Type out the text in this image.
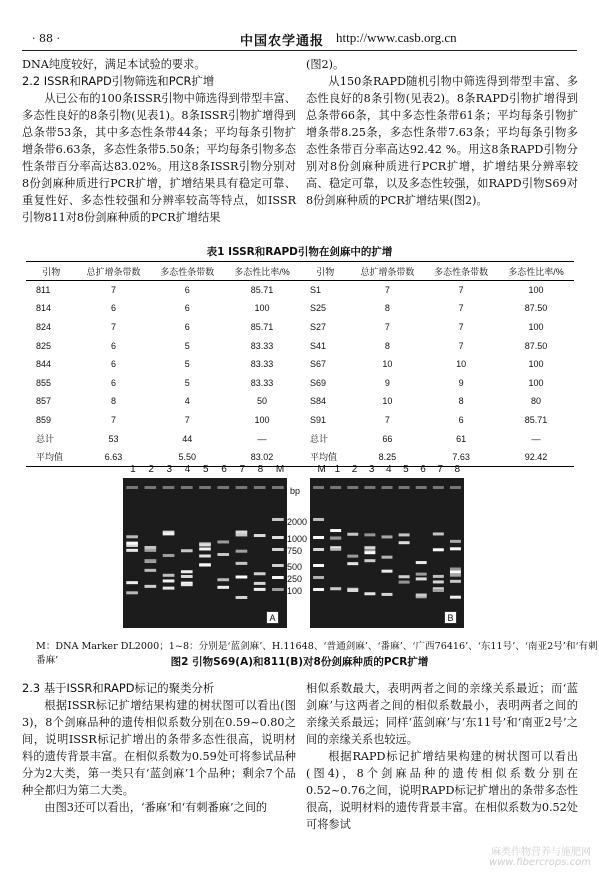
· 88 ·	中国农学通报 http://www.casb.org.cn

DNA纯度较好，满足本试验的要求。

2.2 ISSR和RAPD引物筛选和PCR扩增

从已公布的100条ISSR引物中筛选得到带型丰富、多态性良好的8条引物(见表1)。8条ISSR引物扩增得到总条带53条，其中多态性条带44条；平均每条引物扩增条带6.63条，多态性条带5.50条；平均每条引物多态性条带百分率高达83.02%。用这8条ISSR引物分别对8份剑麻种质进行PCR扩增，扩增结果具有稳定可靠、重复性好、多态性较强和分辨率较高等特点，如ISSR引物811对8份剑麻种质的PCR扩增结果

(图2)。

从150条RAPD随机引物中筛选得到带型丰富、多态性良好的8条引物(见表2)。8条RAPD引物扩增得到总条带66条，其中多态性条带61条；平均每条引物扩增条带8.25条，多态性条带7.63条；平均每条引物多态性条带百分率高达92.42 %。用这8条RAPD引物分别对8份剑麻种质进行PCR扩增，扩增结果分辨率较高、稳定可靠，以及多态性较强，如RAPD引物S69对8份剑麻种质的PCR扩增结果(图2)。

表1 ISSR和RAPD引物在剑麻中的扩增
引物	总扩增条带数	多态性条带数	多态性比率/%	引物	总扩增条带数	多态性条带数	多态性比率/%
811	7	6	85.71	S1	7	7	100
814	6	6	100	S25	8	7	87.50
824	7	6	85.71	S27	7	7	100
825	6	5	83.33	S41	8	7	87.50
844	6	5	83.33	S67	10	10	100
855	6	5	83.33	S69	9	9	100
857	8	4	50	S84	10	8	80
859	7	7	100	S91	7	6	85.71
总计	53	44	—	总计	66	61	—
平均值	6.63	5.50	83.02	平均值	8.25	7.63	92.42
1 2 3 4 5 6 7 8 M	M 1 2 3 4 5 6 7 8
bp
2000
1000
750
500
250
100
A	B
M：DNA Marker DL2000；1~8：分别是‘蓝剑麻’、H.11648、‘普通剑麻’、‘番麻’、‘广西76416’、‘东11号’、‘南亚2号’和‘有刺番麻’	图2 引物S69(A)和811(B)对8份剑麻种质的PCR扩增
2.3 基于ISSR和RAPD标记的聚类分析

根据ISSR标记扩增结果构建的树状图可以看出(图3)，8个剑麻品种的遗传相似系数分别在0.59~0.80之间，说明ISSR标记扩增出的条带多态性很高，说明材料的遗传背景丰富。在相似系数为0.59处可将参试品种分为2大类，第一类只有‘蓝剑麻’1个品种；剩余7个品种全都归为第二大类。

由图3还可以看出，‘番麻’和‘有刺番麻’之间的

相似系数最大，表明两者之间的亲缘关系最近；而‘蓝剑麻’与这两者之间的相似系数最小，表明两者之间的亲缘关系最远；同样‘蓝剑麻’与‘东11号’和‘南亚2号’之间的亲缘关系也较远。

根据RAPD标记扩增结果构建的树状图可以看出(图4)，8个剑麻品种的遗传相似系数分别在0.52~0.76之间，说明RAPD标记扩增出的条带多态性很高，说明材料的遗传背景丰富。在相似系数为0.52处可将参试

麻类作物营养与施肥网
www.fibercrops.com
